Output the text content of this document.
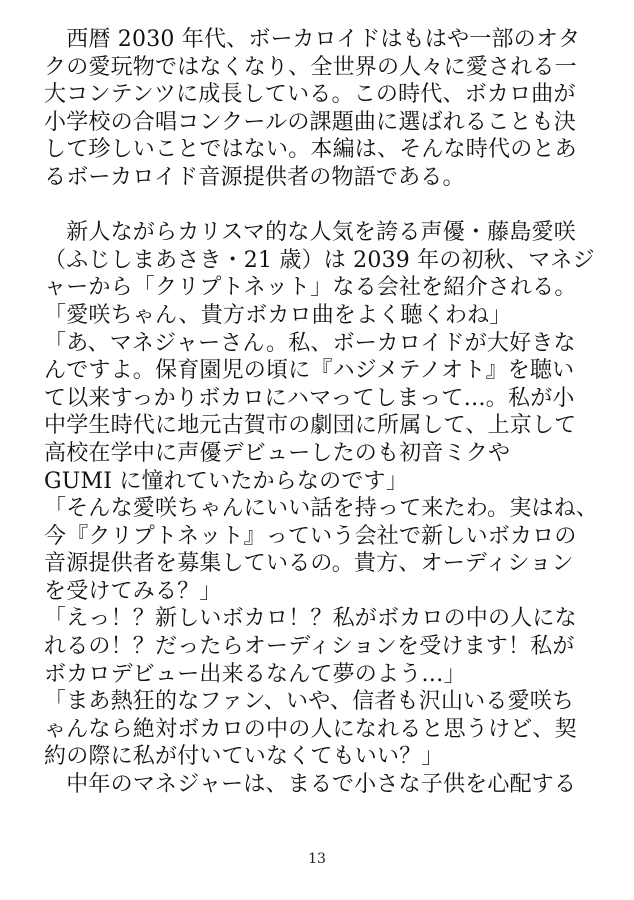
　西暦 2030 年代、ボーカロイドはもはや一部のオタ
クの愛玩物ではなくなり、全世界の人々に愛される一
大コンテンツに成長している。この時代、ボカロ曲が
小学校の合唱コンクールの課題曲に選ばれることも決
して珍しいことではない。本編は、そんな時代のとあ
るボーカロイド音源提供者の物語である。
　新人ながらカリスマ的な人気を誇る声優・藤島愛咲
（ふじしまあさき・21 歳）は 2039 年の初秋、マネジ
ャーから「クリプトネット」なる会社を紹介される。
「愛咲ちゃん、貴方ボカロ曲をよく聴くわね」
「あ、マネジャーさん。私、ボーカロイドが大好きな
んですよ。保育園児の頃に『ハジメテノオト』を聴い
て以来すっかりボカロにハマってしまって…。私が小
中学生時代に地元古賀市の劇団に所属して、上京して
高校在学中に声優デビューしたのも初音ミクや
GUMI に憧れていたからなのです」
「そんな愛咲ちゃんにいい話を持って来たわ。実はね、
今『クリプトネット』っていう会社で新しいボカロの
音源提供者を募集しているの。貴方、オーディション
を受けてみる？」
「えっ！？新しいボカロ！？私がボカロの中の人にな
れるの！？だったらオーディションを受けます！私が
ボカロデビュー出来るなんて夢のよう…」
「まあ熱狂的なファン、いや、信者も沢山いる愛咲ち
ゃんなら絶対ボカロの中の人になれると思うけど、契
約の際に私が付いていなくてもいい？」
　中年のマネジャーは、まるで小さな子供を心配する
13
